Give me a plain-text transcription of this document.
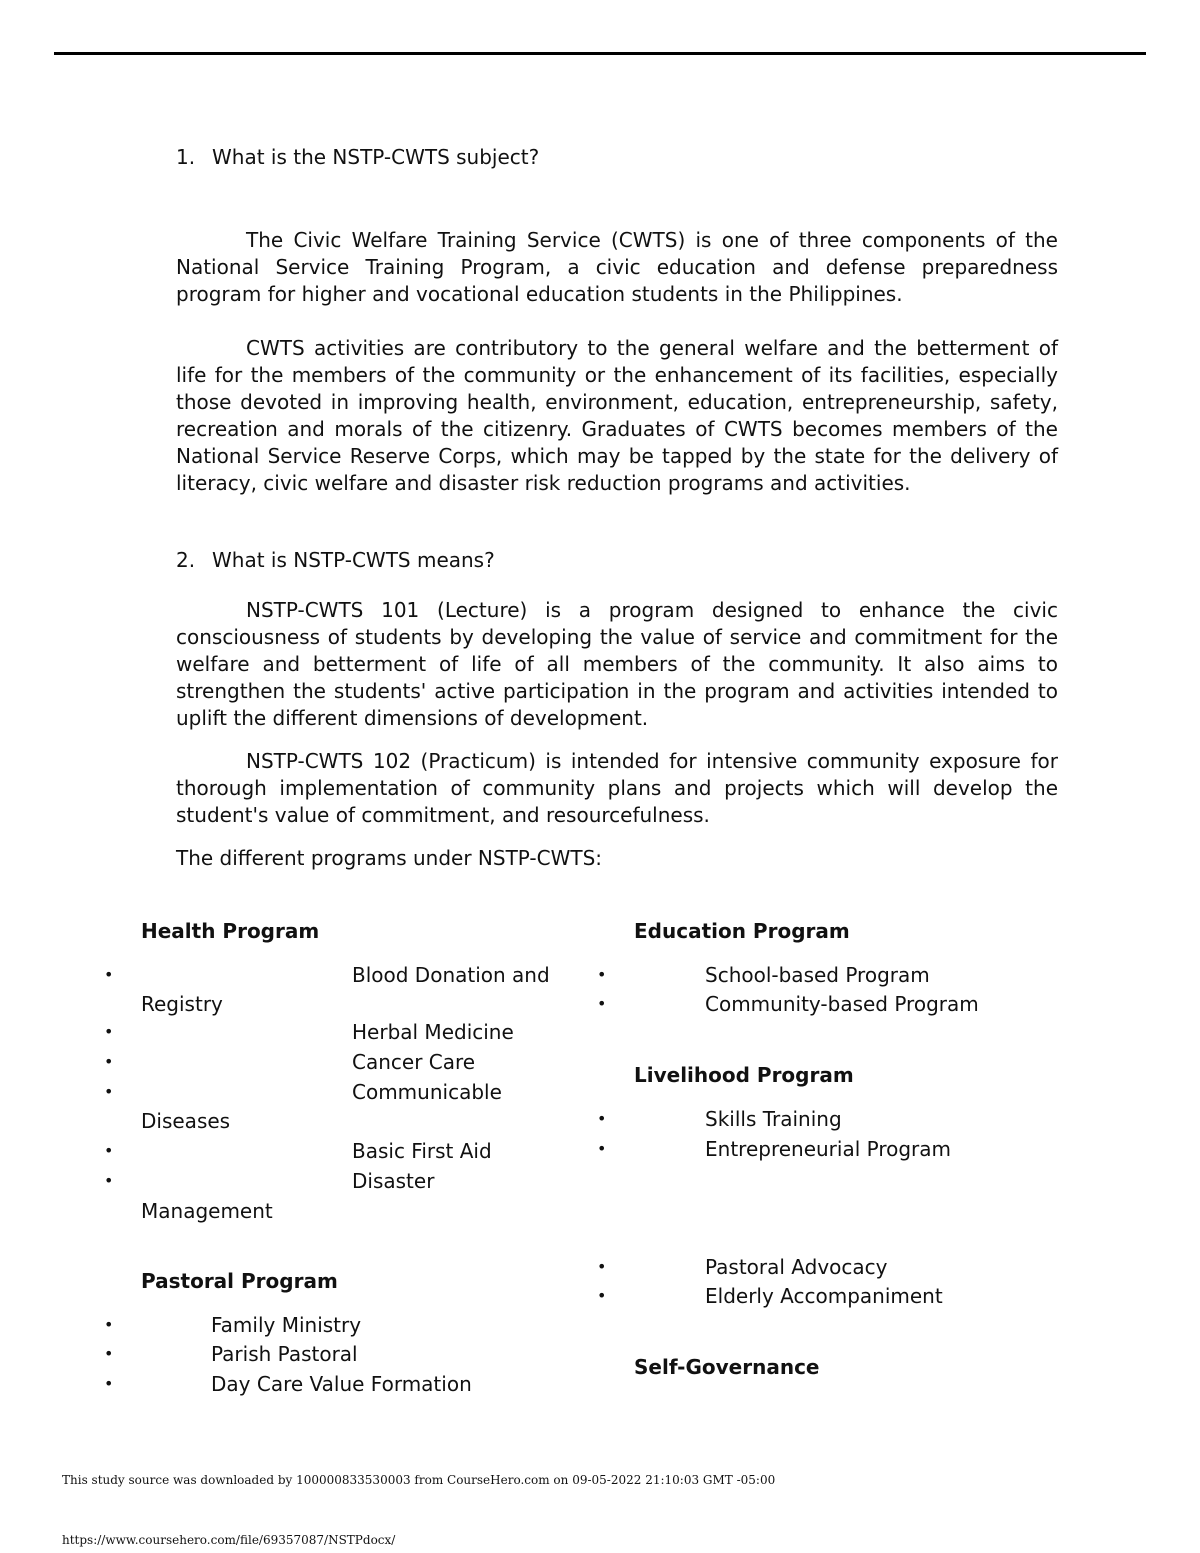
1. What is the NSTP-CWTS subject?
The Civic Welfare Training Service (CWTS) is one of three components of the National Service Training Program, a civic education and defense preparedness program for higher and vocational education students in the Philippines.
CWTS activities are contributory to the general welfare and the betterment of life for the members of the community or the enhancement of its facilities, especially those devoted in improving health, environment, education, entrepreneurship, safety, recreation and morals of the citizenry. Graduates of CWTS becomes members of the National Service Reserve Corps, which may be tapped by the state for the delivery of literacy, civic welfare and disaster risk reduction programs and activities.
2. What is NSTP-CWTS means?
NSTP-CWTS 101 (Lecture) is a program designed to enhance the civic consciousness of students by developing the value of service and commitment for the welfare and betterment of life of all members of the community. It also aims to strengthen the students' active participation in the program and activities intended to uplift the different dimensions of development.
NSTP-CWTS 102 (Practicum) is intended for intensive community exposure for thorough implementation of community plans and projects which will develop the student's value of commitment, and resourcefulness.
The different programs under NSTP-CWTS:
Health Program
•	Blood Donation and
Registry
•	Herbal Medicine
•	Cancer Care
•	Communicable
Diseases
•	Basic First Aid
•	Disaster
Management
Education Program
•	School-based Program
•	Community-based Program
Livelihood Program
•	Skills Training
•	Entrepreneurial Program
•	Pastoral Advocacy
•	Elderly Accompaniment
Pastoral Program
•	Family Ministry
•	Parish Pastoral
•	Day Care Value Formation
Self-Governance
This study source was downloaded by 100000833530003 from CourseHero.com on 09-05-2022 21:10:03 GMT -05:00
https://www.coursehero.com/file/69357087/NSTPdocx/
